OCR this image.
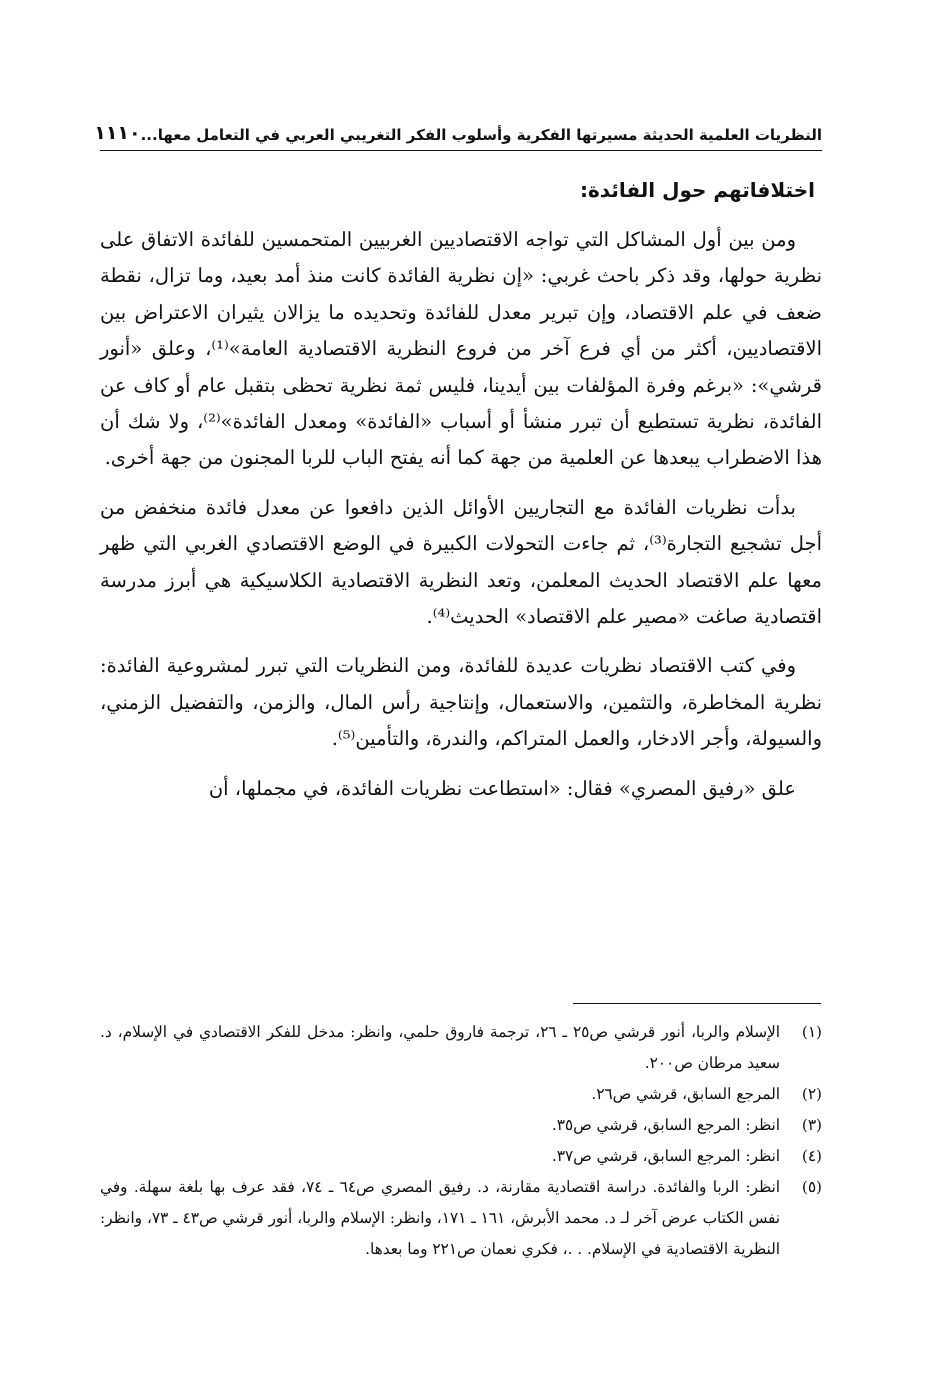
النظريات العلمية الحديثة مسيرتها الفكرية وأسلوب الفكر التغريبي العربي في التعامل معها...
١١١٠
اختلافاتهم حول الفائدة:

ومن بين أول المشاكل التي تواجه الاقتصاديين الغربيين المتحمسين للفائدة الاتفاق على نظرية حولها، وقد ذكر باحث غربي: «إن نظرية الفائدة كانت منذ أمد بعيد، وما تزال، نقطة ضعف في علم الاقتصاد، وإن تبرير معدل للفائدة وتحديده ما يزالان يثيران الاعتراض بين الاقتصاديين، أكثر من أي فرع آخر من فروع النظرية الاقتصادية العامة»⁽¹⁾، وعلق «أنور قرشي»: «برغم وفرة المؤلفات بين أيدينا، فليس ثمة نظرية تحظى بتقبل عام أو كاف عن الفائدة، نظرية تستطيع أن تبرر منشأ أو أسباب «الفائدة» ومعدل الفائدة»⁽²⁾، ولا شك أن هذا الاضطراب يبعدها عن العلمية من جهة كما أنه يفتح الباب للربا المجنون من جهة أخرى.

بدأت نظريات الفائدة مع التجاريين الأوائل الذين دافعوا عن معدل فائدة منخفض من أجل تشجيع التجارة⁽³⁾، ثم جاءت التحولات الكبيرة في الوضع الاقتصادي الغربي التي ظهر معها علم الاقتصاد الحديث المعلمن، وتعد النظرية الاقتصادية الكلاسيكية هي أبرز مدرسة اقتصادية صاغت «مصير علم الاقتصاد» الحديث⁽⁴⁾.

وفي كتب الاقتصاد نظريات عديدة للفائدة، ومن النظريات التي تبرر لمشروعية الفائدة: نظرية المخاطرة، والتثمين، والاستعمال، وإنتاجية رأس المال، والزمن، والتفضيل الزمني، والسيولة، وأجر الادخار، والعمل المتراكم، والندرة، والتأمين⁽⁵⁾.

علق «رفيق المصري» فقال: «استطاعت نظريات الفائدة، في مجملها، أن

(١)
الإسلام والربا، أنور قرشي ص٢٥ ـ ٢٦، ترجمة فاروق حلمي، وانظر: مدخل للفكر الاقتصادي في الإسلام، د. سعيد مرطان ص٢٠٠.
(٢)
المرجع السابق، قرشي ص٢٦.
(٣)
انظر: المرجع السابق، قرشي ص٣٥.
(٤)
انظر: المرجع السابق، قرشي ص٣٧.
(٥)
انظر: الربا والفائدة. دراسة اقتصادية مقارنة، د. رفيق المصري ص٦٤ ـ ٧٤، فقد عرف بها بلغة سهلة. وفي نفس الكتاب عرض آخر لـ د. محمد الأبرش، ١٦١ ـ ١٧١، وانظر: الإسلام والربا، أنور قرشي ص٤٣ ـ ٧٣، وانظر: النظرية الاقتصادية في الإسلام. . .، فكري نعمان ص٢٢١ وما بعدها.
